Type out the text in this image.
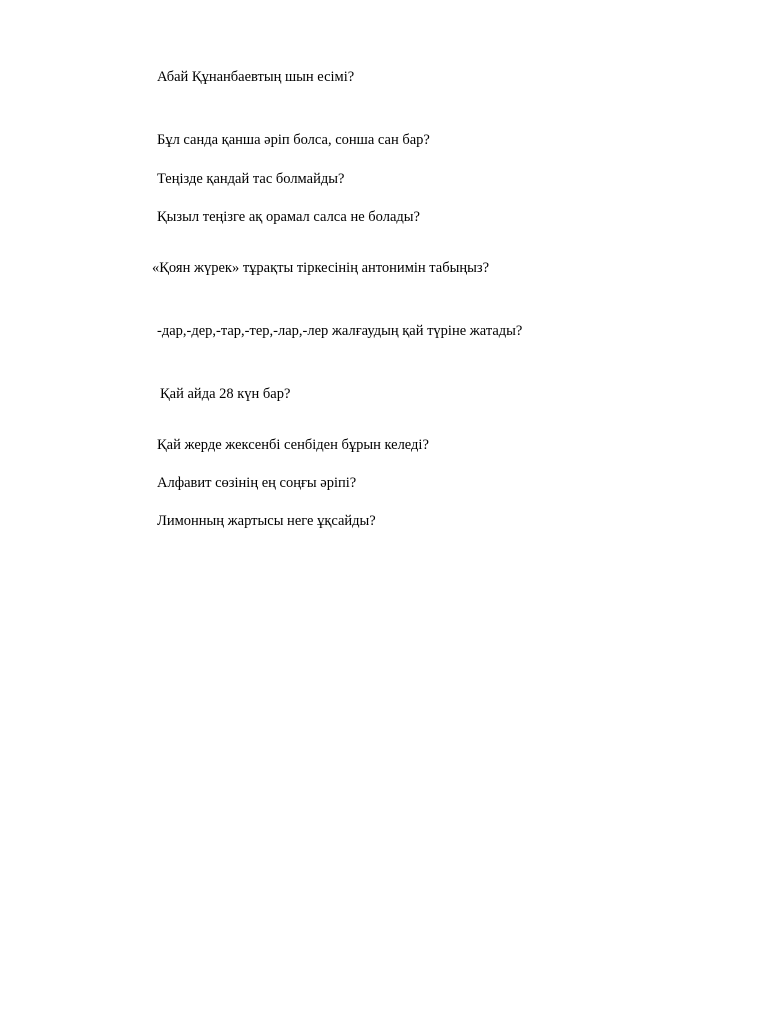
Абай Құнанбаевтың шын есімі?
Бұл санда қанша әріп болса, сонша сан бар?
Теңізде қандай тас болмайды?
Қызыл теңізге ақ орамал салса не болады?
«Қоян жүрек» тұрақты тіркесінің антонимін табыңыз?
-дар,-дер,-тар,-тер,-лар,-лер жалғаудың қай түріне жатады?
Қай айда 28 күн бар?
Қай жерде жексенбі сенбіден бұрын келеді?
Алфавит сөзінің ең соңғы әріпі?
Лимонның жартысы неге ұқсайды?
